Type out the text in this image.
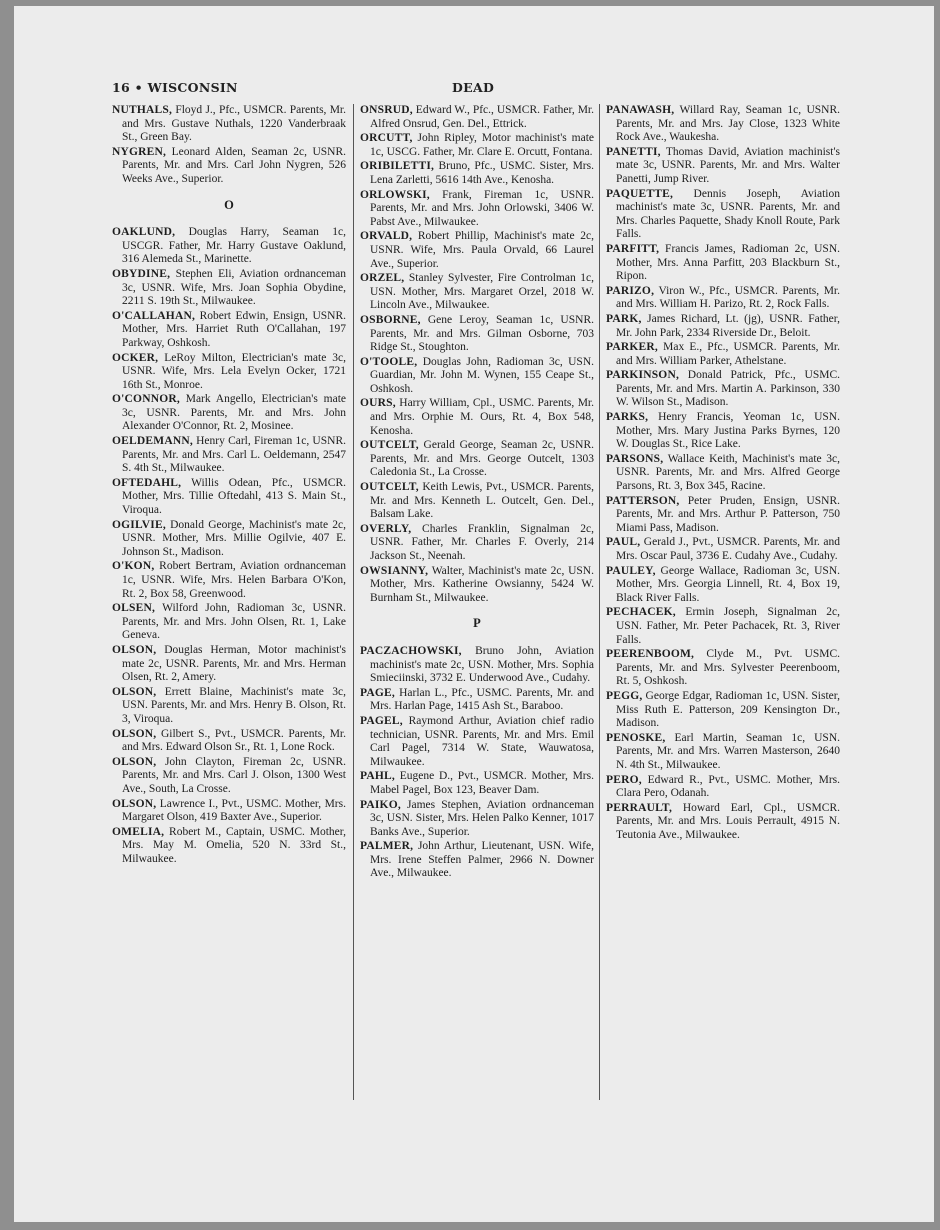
16 • WISCONSIN	DEAD
NUTHALS, Floyd J., Pfc., USMCR. Parents, Mr. and Mrs. Gustave Nuthals, 1220 Vanderbraak St., Green Bay.
NYGREN, Leonard Alden, Seaman 2c, USNR. Parents, Mr. and Mrs. Carl John Nygren, 526 Weeks Ave., Superior.
O
OAKLUND, Douglas Harry, Seaman 1c, USCGR. Father, Mr. Harry Gustave Oaklund, 316 Alemeda St., Marinette.
OBYDINE, Stephen Eli, Aviation ordnanceman 3c, USNR. Wife, Mrs. Joan Sophia Obydine, 2211 S. 19th St., Milwaukee.
O'CALLAHAN, Robert Edwin, Ensign, USNR. Mother, Mrs. Harriet Ruth O'Callahan, 197 Parkway, Oshkosh.
OCKER, LeRoy Milton, Electrician's mate 3c, USNR. Wife, Mrs. Lela Evelyn Ocker, 1721 16th St., Monroe.
O'CONNOR, Mark Angello, Electrician's mate 3c, USNR. Parents, Mr. and Mrs. John Alexander O'Connor, Rt. 2, Mosinee.
OELDEMANN, Henry Carl, Fireman 1c, USNR. Parents, Mr. and Mrs. Carl L. Oeldemann, 2547 S. 4th St., Milwaukee.
OFTEDAHL, Willis Odean, Pfc., USMCR. Mother, Mrs. Tillie Oftedahl, 413 S. Main St., Viroqua.
OGILVIE, Donald George, Machinist's mate 2c, USNR. Mother, Mrs. Millie Ogilvie, 407 E. Johnson St., Madison.
O'KON, Robert Bertram, Aviation ordnanceman 1c, USNR. Wife, Mrs. Helen Barbara O'Kon, Rt. 2, Box 58, Greenwood.
OLSEN, Wilford John, Radioman 3c, USNR. Parents, Mr. and Mrs. John Olsen, Rt. 1, Lake Geneva.
OLSON, Douglas Herman, Motor machinist's mate 2c, USNR. Parents, Mr. and Mrs. Herman Olsen, Rt. 2, Amery.
OLSON, Errett Blaine, Machinist's mate 3c, USN. Parents, Mr. and Mrs. Henry B. Olson, Rt. 3, Viroqua.
OLSON, Gilbert S., Pvt., USMCR. Parents, Mr. and Mrs. Edward Olson Sr., Rt. 1, Lone Rock.
OLSON, John Clayton, Fireman 2c, USNR. Parents, Mr. and Mrs. Carl J. Olson, 1300 West Ave., South, La Crosse.
OLSON, Lawrence I., Pvt., USMC. Mother, Mrs. Margaret Olson, 419 Baxter Ave., Superior.
OMELIA, Robert M., Captain, USMC. Mother, Mrs. May M. Omelia, 520 N. 33rd St., Milwaukee.
ONSRUD, Edward W., Pfc., USMCR. Father, Mr. Alfred Onsrud, Gen. Del., Ettrick.
ORCUTT, John Ripley, Motor machinist's mate 1c, USCG. Father, Mr. Clare E. Orcutt, Fontana.
ORIBILETTI, Bruno, Pfc., USMC. Sister, Mrs. Lena Zarletti, 5616 14th Ave., Kenosha.
ORLOWSKI, Frank, Fireman 1c, USNR. Parents, Mr. and Mrs. John Orlowski, 3406 W. Pabst Ave., Milwaukee.
ORVALD, Robert Phillip, Machinist's mate 2c, USNR. Wife, Mrs. Paula Orvald, 66 Laurel Ave., Superior.
ORZEL, Stanley Sylvester, Fire Controlman 1c, USN. Mother, Mrs. Margaret Orzel, 2018 W. Lincoln Ave., Milwaukee.
OSBORNE, Gene Leroy, Seaman 1c, USNR. Parents, Mr. and Mrs. Gilman Osborne, 703 Ridge St., Stoughton.
O'TOOLE, Douglas John, Radioman 3c, USN. Guardian, Mr. John M. Wynen, 155 Ceape St., Oshkosh.
OURS, Harry William, Cpl., USMC. Parents, Mr. and Mrs. Orphie M. Ours, Rt. 4, Box 548, Kenosha.
OUTCELT, Gerald George, Seaman 2c, USNR. Parents, Mr. and Mrs. George Outcelt, 1303 Caledonia St., La Crosse.
OUTCELT, Keith Lewis, Pvt., USMCR. Parents, Mr. and Mrs. Kenneth L. Outcelt, Gen. Del., Balsam Lake.
OVERLY, Charles Franklin, Signalman 2c, USNR. Father, Mr. Charles F. Overly, 214 Jackson St., Neenah.
OWSIANNY, Walter, Machinist's mate 2c, USN. Mother, Mrs. Katherine Owsianny, 5424 W. Burnham St., Milwaukee.
P
PACZACHOWSKI, Bruno John, Aviation machinist's mate 2c, USN. Mother, Mrs. Sophia Smieciinski, 3732 E. Underwood Ave., Cudahy.
PAGE, Harlan L., Pfc., USMC. Parents, Mr. and Mrs. Harlan Page, 1415 Ash St., Baraboo.
PAGEL, Raymond Arthur, Aviation chief radio technician, USNR. Parents, Mr. and Mrs. Emil Carl Pagel, 7314 W. State, Wauwatosa, Milwaukee.
PAHL, Eugene D., Pvt., USMCR. Mother, Mrs. Mabel Pagel, Box 123, Beaver Dam.
PAIKO, James Stephen, Aviation ordnanceman 3c, USN. Sister, Mrs. Helen Palko Kenner, 1017 Banks Ave., Superior.
PALMER, John Arthur, Lieutenant, USN. Wife, Mrs. Irene Steffen Palmer, 2966 N. Downer Ave., Milwaukee.
PANAWASH, Willard Ray, Seaman 1c, USNR. Parents, Mr. and Mrs. Jay Close, 1323 White Rock Ave., Waukesha.
PANETTI, Thomas David, Aviation machinist's mate 3c, USNR. Parents, Mr. and Mrs. Walter Panetti, Jump River.
PAQUETTE, Dennis Joseph, Aviation machinist's mate 3c, USNR. Parents, Mr. and Mrs. Charles Paquette, Shady Knoll Route, Park Falls.
PARFITT, Francis James, Radioman 2c, USN. Mother, Mrs. Anna Parfitt, 203 Blackburn St., Ripon.
PARIZO, Viron W., Pfc., USMCR. Parents, Mr. and Mrs. William H. Parizo, Rt. 2, Rock Falls.
PARK, James Richard, Lt. (jg), USNR. Father, Mr. John Park, 2334 Riverside Dr., Beloit.
PARKER, Max E., Pfc., USMCR. Parents, Mr. and Mrs. William Parker, Athelstane.
PARKINSON, Donald Patrick, Pfc., USMC. Parents, Mr. and Mrs. Martin A. Parkinson, 330 W. Wilson St., Madison.
PARKS, Henry Francis, Yeoman 1c, USN. Mother, Mrs. Mary Justina Parks Byrnes, 120 W. Douglas St., Rice Lake.
PARSONS, Wallace Keith, Machinist's mate 3c, USNR. Parents, Mr. and Mrs. Alfred George Parsons, Rt. 3, Box 345, Racine.
PATTERSON, Peter Pruden, Ensign, USNR. Parents, Mr. and Mrs. Arthur P. Patterson, 750 Miami Pass, Madison.
PAUL, Gerald J., Pvt., USMCR. Parents, Mr. and Mrs. Oscar Paul, 3736 E. Cudahy Ave., Cudahy.
PAULEY, George Wallace, Radioman 3c, USN. Mother, Mrs. Georgia Linnell, Rt. 4, Box 19, Black River Falls.
PECHACEK, Ermin Joseph, Signalman 2c, USN. Father, Mr. Peter Pachacek, Rt. 3, River Falls.
PEERENBOOM, Clyde M., Pvt. USMC. Parents, Mr. and Mrs. Sylvester Peerenboom, Rt. 5, Oshkosh.
PEGG, George Edgar, Radioman 1c, USN. Sister, Miss Ruth E. Patterson, 209 Kensington Dr., Madison.
PENOSKE, Earl Martin, Seaman 1c, USN. Parents, Mr. and Mrs. Warren Masterson, 2640 N. 4th St., Milwaukee.
PERO, Edward R., Pvt., USMC. Mother, Mrs. Clara Pero, Odanah.
PERRAULT, Howard Earl, Cpl., USMCR. Parents, Mr. and Mrs. Louis Perrault, 4915 N. Teutonia Ave., Milwaukee.
